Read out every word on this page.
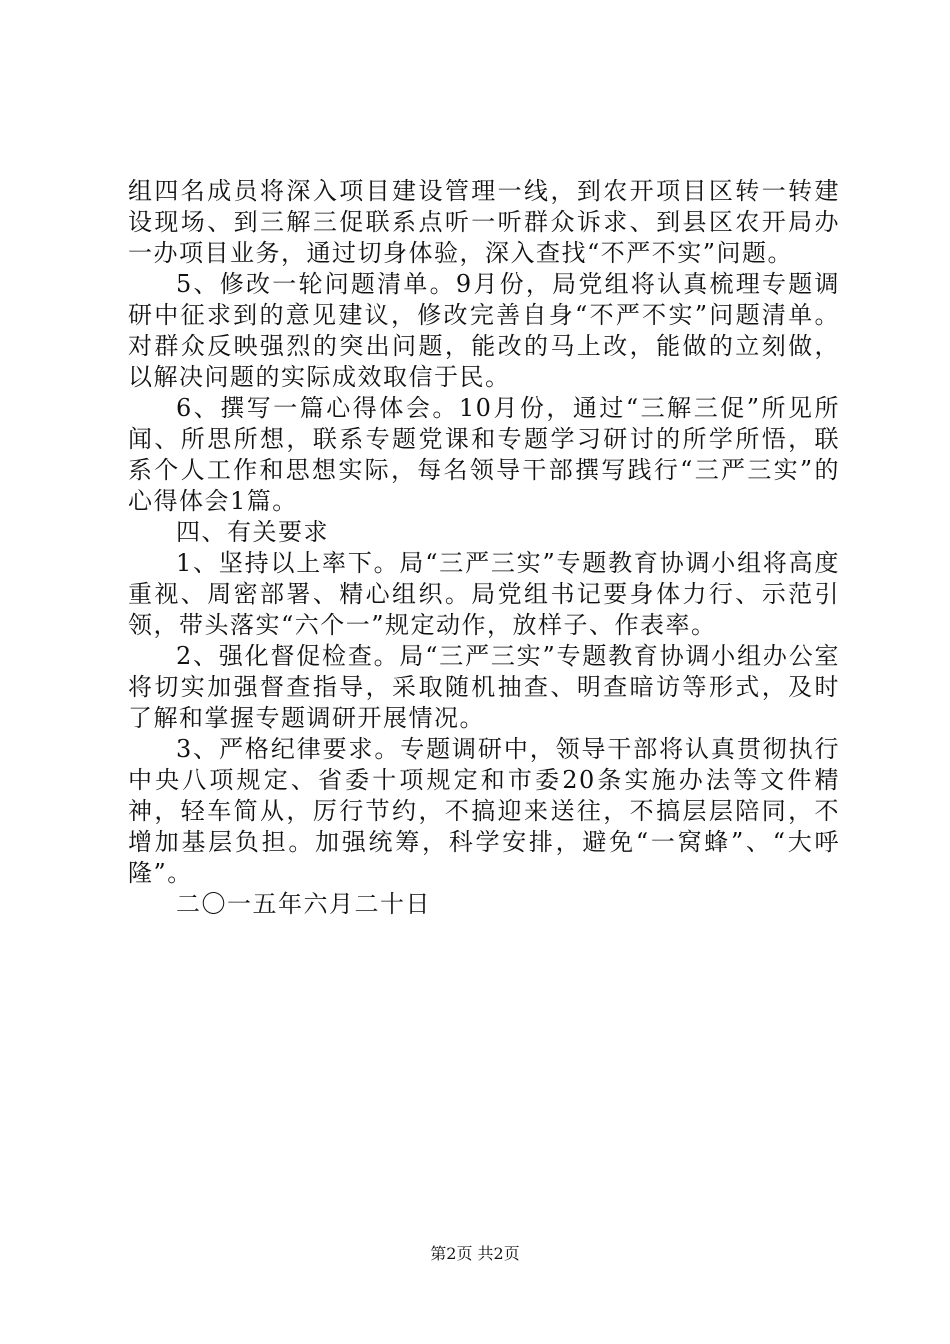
组四名成员将深入项目建设管理一线，到农开项目区转一转建设现场、到三解三促联系点听一听群众诉求、到县区农开局办一办项目业务，通过切身体验，深入查找“不严不实”问题。

5、修改一轮问题清单。9月份，局党组将认真梳理专题调研中征求到的意见建议，修改完善自身“不严不实”问题清单。对群众反映强烈的突出问题，能改的马上改，能做的立刻做，以解决问题的实际成效取信于民。

6、撰写一篇心得体会。10月份，通过“三解三促”所见所闻、所思所想，联系专题党课和专题学习研讨的所学所悟，联系个人工作和思想实际，每名领导干部撰写践行“三严三实”的心得体会1篇。

四、有关要求

1、坚持以上率下。局“三严三实”专题教育协调小组将高度重视、周密部署、精心组织。局党组书记要身体力行、示范引领，带头落实“六个一”规定动作，放样子、作表率。

2、强化督促检查。局“三严三实”专题教育协调小组办公室将切实加强督查指导，采取随机抽查、明查暗访等形式，及时了解和掌握专题调研开展情况。

3、严格纪律要求。专题调研中，领导干部将认真贯彻执行中央八项规定、省委十项规定和市委20条实施办法等文件精神，轻车简从，厉行节约，不搞迎来送往，不搞层层陪同，不增加基层负担。加强统筹，科学安排，避免“一窝蜂”、“大呼隆”。

二〇一五年六月二十日

第2页 共2页
